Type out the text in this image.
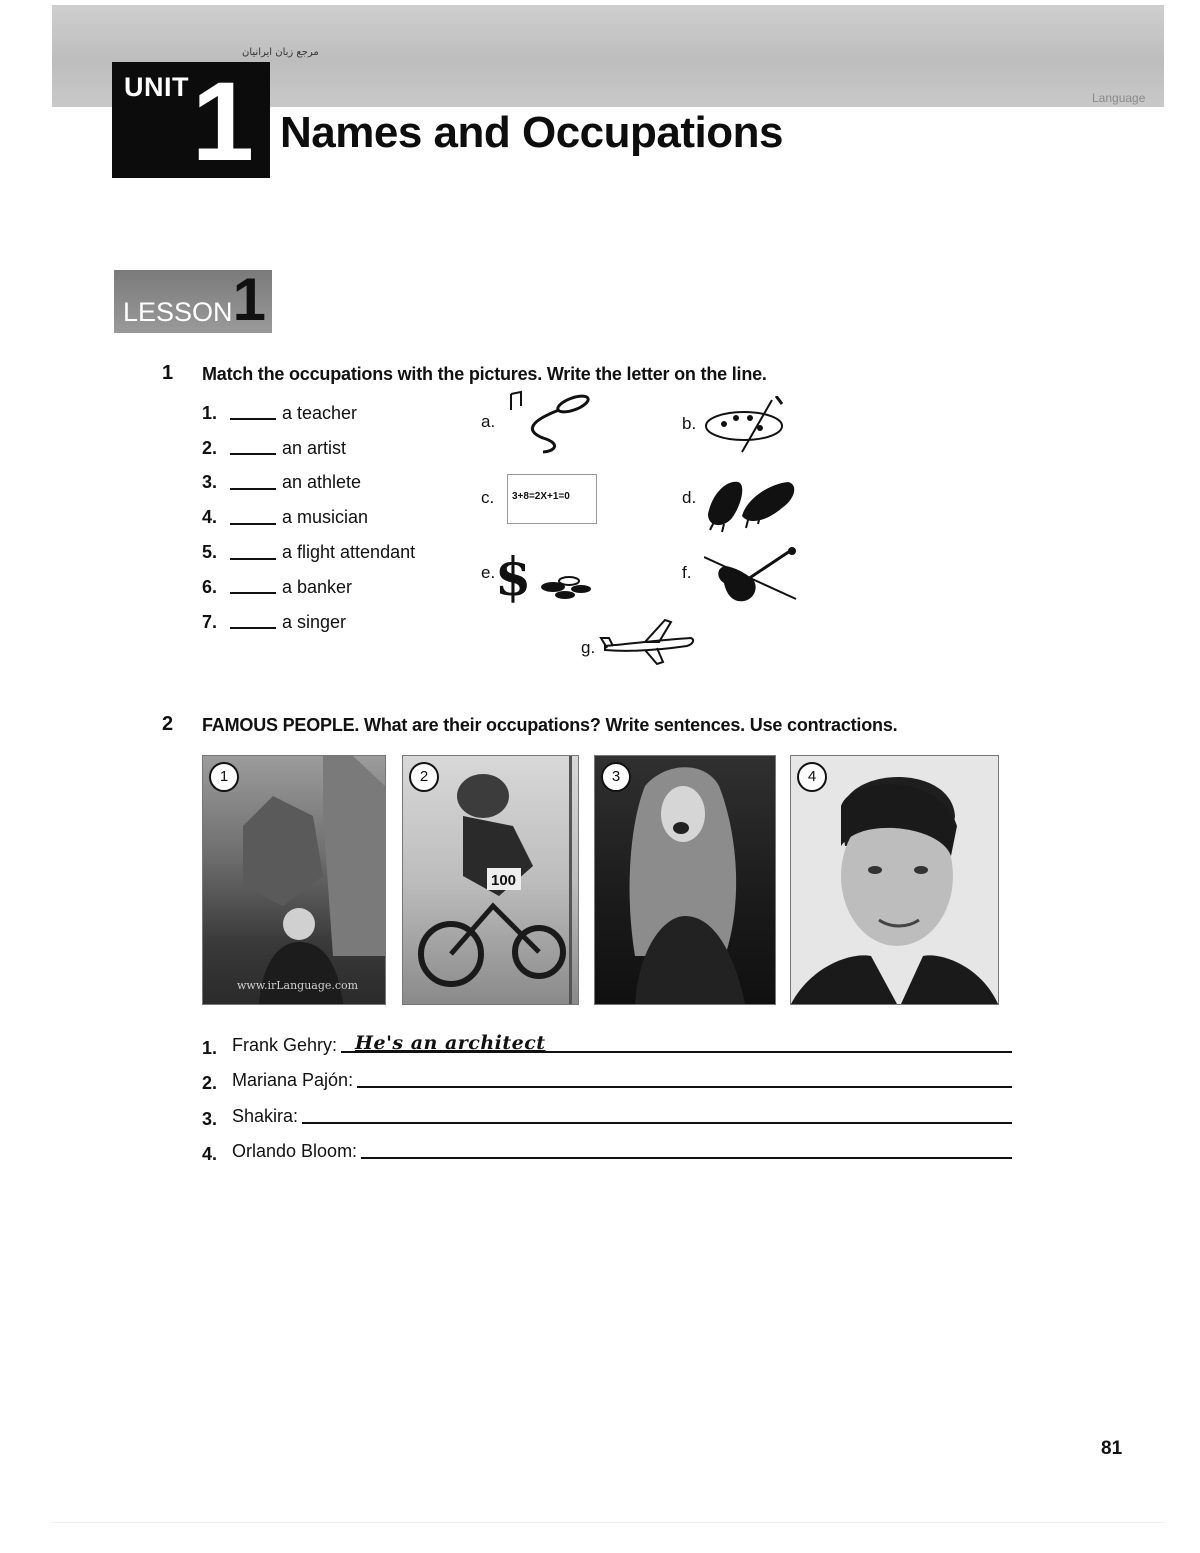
مرجع زبان ایرانیان
Language
UNIT 1 Names and Occupations
LESSON 1
1 Match the occupations with the pictures. Write the letter on the line.
1.	a teacher
2.	an artist
3.	an athlete
4.	a musician
5.	a flight attendant
6.	a banker
7.	a singer
a.	b.
c.	3+8=2X+1=0	d.
e. $	f.
g.
2 FAMOUS PEOPLE. What are their occupations? Write sentences. Use contractions.
1
www.irLanguage.com
100
2	3	4
1. Frank Gehry: He's an architect
2. Mariana Pajón:
3. Shakira:
4. Orlando Bloom:
81
